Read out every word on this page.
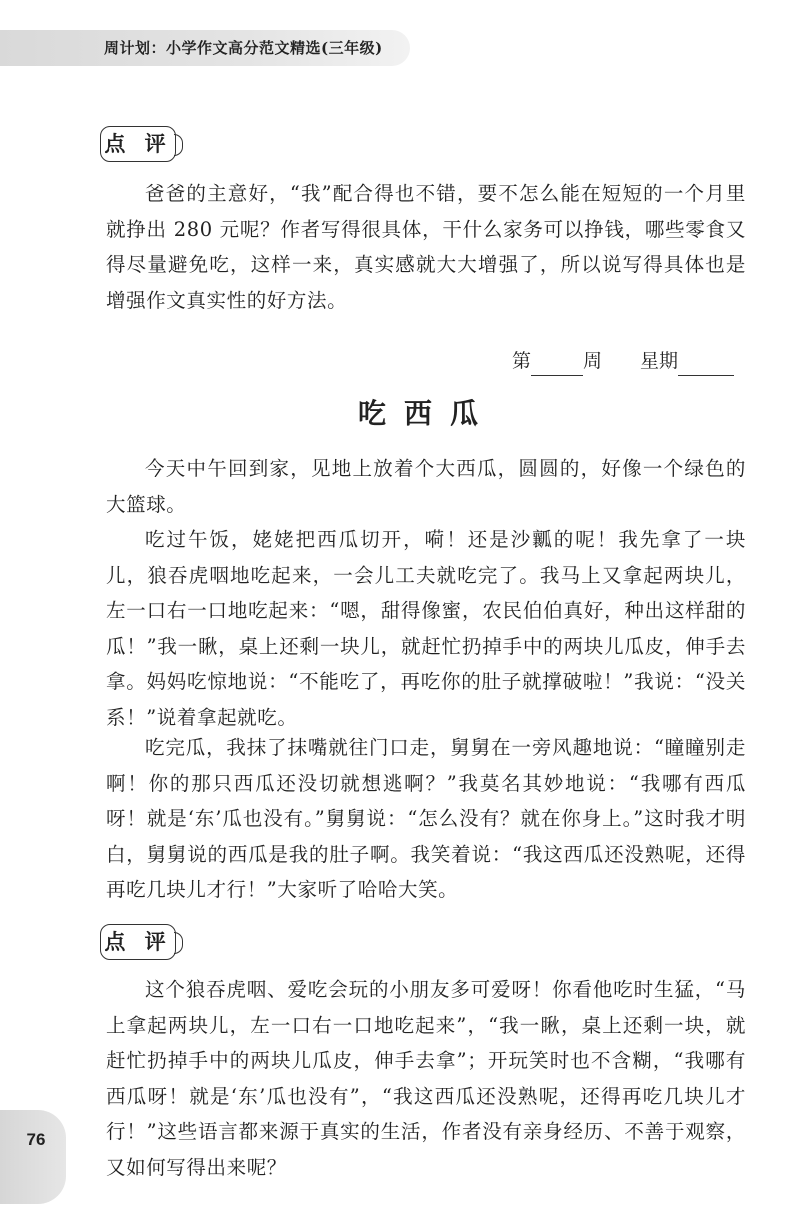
周计划：小学作文高分范文精选(三年级)
点 评

爸爸的主意好，“我”配合得也不错，要不怎么能在短短的一个月里就挣出 280 元呢？作者写得很具体，干什么家务可以挣钱，哪些零食又得尽量避免吃，这样一来，真实感就大大增强了，所以说写得具体也是增强作文真实性的好方法。

第	周 星期
吃西瓜

今天中午回到家，见地上放着个大西瓜，圆圆的，好像一个绿色的大篮球。

吃过午饭，姥姥把西瓜切开，嗬！还是沙瓤的呢！我先拿了一块儿，狼吞虎咽地吃起来，一会儿工夫就吃完了。我马上又拿起两块儿，左一口右一口地吃起来：“嗯，甜得像蜜，农民伯伯真好，种出这样甜的瓜！”我一瞅，桌上还剩一块儿，就赶忙扔掉手中的两块儿瓜皮，伸手去拿。妈妈吃惊地说：“不能吃了，再吃你的肚子就撑破啦！”我说：“没关系！”说着拿起就吃。

吃完瓜，我抹了抹嘴就往门口走，舅舅在一旁风趣地说：“瞳瞳别走啊！你的那只西瓜还没切就想逃啊？”我莫名其妙地说：“我哪有西瓜呀！就是‘东’瓜也没有。”舅舅说：“怎么没有？就在你身上。”这时我才明白，舅舅说的西瓜是我的肚子啊。我笑着说：“我这西瓜还没熟呢，还得再吃几块儿才行！”大家听了哈哈大笑。

点 评

这个狼吞虎咽、爱吃会玩的小朋友多可爱呀！你看他吃时生猛，“马上拿起两块儿，左一口右一口地吃起来”，“我一瞅，桌上还剩一块，就赶忙扔掉手中的两块儿瓜皮，伸手去拿”；开玩笑时也不含糊，“我哪有西瓜呀！就是‘东’瓜也没有”，“我这西瓜还没熟呢，还得再吃几块儿才行！”这些语言都来源于真实的生活，作者没有亲身经历、不善于观察，又如何写得出来呢？

76
